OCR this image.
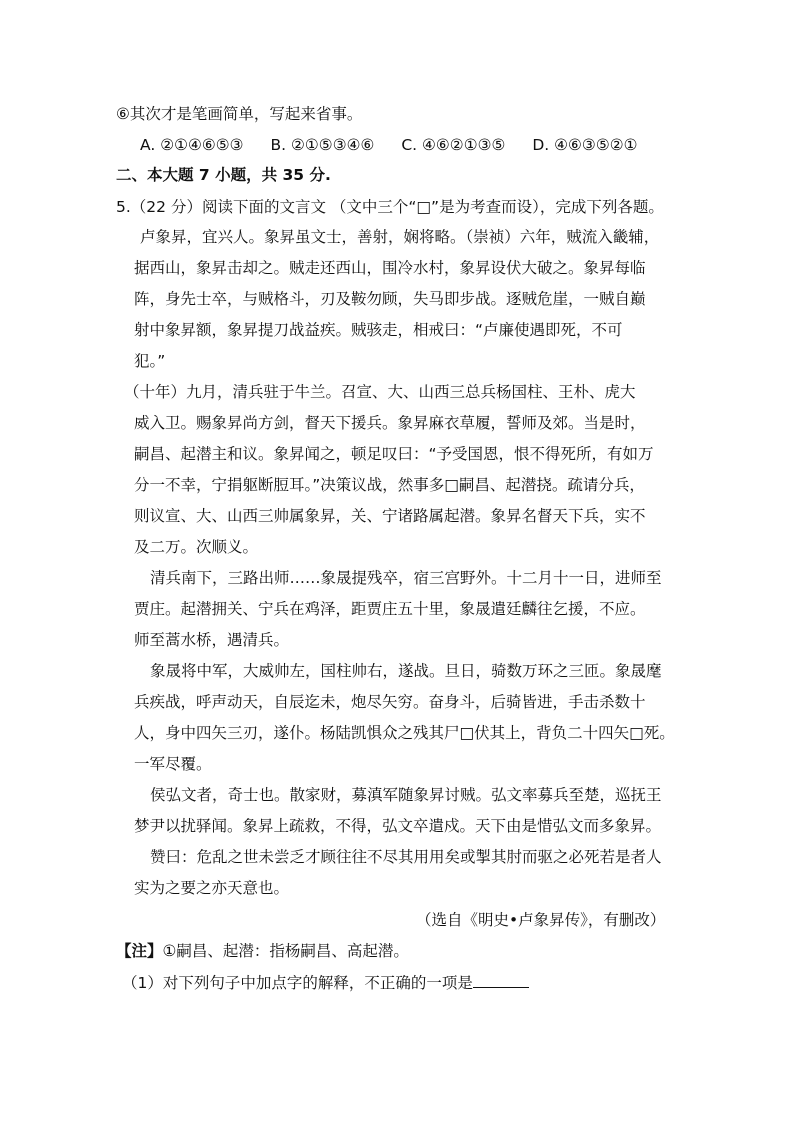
⑥其次才是笔画简单，写起来省事。
A. ②①④⑥⑤③ B. ②①⑤③④⑥ C. ④⑥②①③⑤ D. ④⑥③⑤②①
二、本大题 7 小题，共 35 分.
5.（22 分）阅读下面的文言文 （文中三个“□”是为考查而设），完成下列各题。
卢象昇，宜兴人。象昇虽文士，善射，娴将略。（崇祯）六年，贼流入畿辅，
据西山，象昇击却之。贼走还西山，围冷水村，象昇设伏大破之。象昇每临
阵，身先士卒，与贼格斗，刃及鞍勿顾，失马即步战。逐贼危崖，一贼自巅
射中象昇额，象昇提刀战益疾。贼骇走，相戒曰：“卢廉使遇即死，不可
犯。”
（十年）九月，清兵驻于牛兰。召宣、大、山西三总兵杨国柱、王朴、虎大
威入卫。赐象昇尚方剑，督天下援兵。象昇麻衣草履，誓师及郊。当是时，
嗣昌、起潜主和议。象昇闻之，顿足叹曰：“予受国恩，恨不得死所，有如万
分一不幸，宁捐躯断脰耳。”决策议战，然事多□嗣昌、起潜挠。疏请分兵，
则议宣、大、山西三帅属象昇，关、宁诸路属起潜。象昇名督天下兵，实不
及二万。次顺义。
清兵南下，三路出师……象晟提残卒，宿三宫野外。十二月十一日，进师至
贾庄。起潜拥关、宁兵在鸡泽，距贾庄五十里，象晟遣廷麟往乞援，不应。
师至蒿水桥，遇清兵。
象晟将中军，大威帅左，国柱帅右，遂战。旦日，骑数万环之三匝。象晟麾
兵疾战，呼声动天，自辰迄未，炮尽矢穷。奋身斗，后骑皆进，手击杀数十
人，身中四矢三刃，遂仆。杨陆凯惧众之残其尸□伏其上，背负二十四矢□死。
一军尽覆。
侯弘文者，奇士也。散家财，募滇军随象昇讨贼。弘文率募兵至楚，巡抚王
梦尹以扰驿闻。象昇上疏救，不得，弘文卒遣戍。天下由是惜弘文而多象昇。
赞曰：危乱之世未尝乏才顾往往不尽其用用矣或掣其肘而驱之必死若是者人
实为之要之亦天意也。
（选自《明史•卢象昇传》，有删改）
【注】①嗣昌、起潜：指杨嗣昌、高起潜。
（1）对下列句子中加点字的解释，不正确的一项是
